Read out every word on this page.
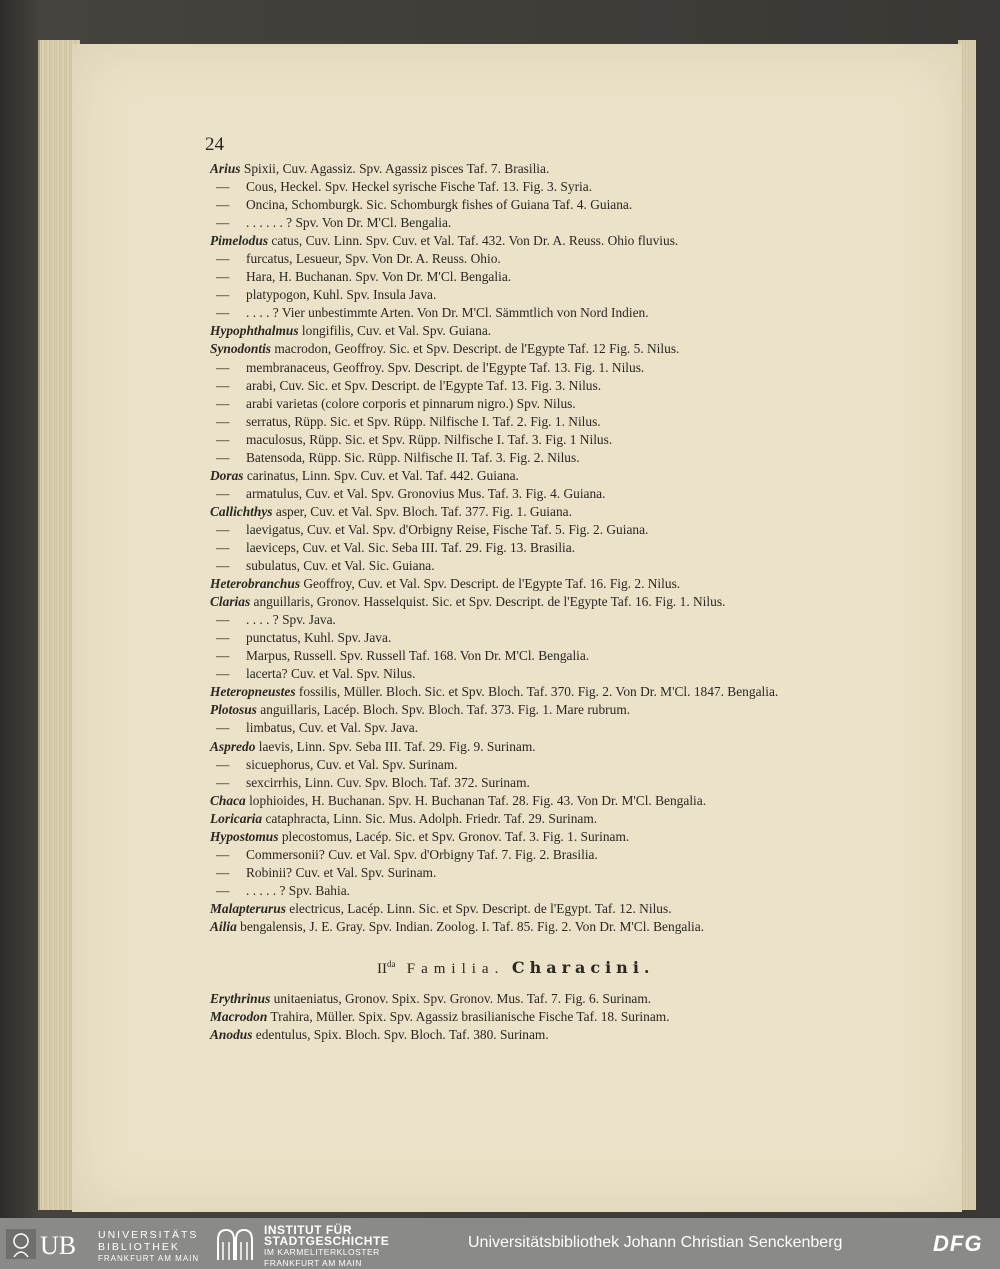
24
Arius Spixii, Cuv. Agassiz. Spv. Agassiz pisces Taf. 7. Brasilia.
— Cous, Heckel. Spv. Heckel syrische Fische Taf. 13. Fig. 3. Syria.
— Oncina, Schomburgk. Sic. Schomburgk fishes of Guiana Taf. 4. Guiana.
— . . . . . . ? Spv. Von Dr. M'Cl. Bengalia.
Pimelodus catus, Cuv. Linn. Spv. Cuv. et Val. Taf. 432. Von Dr. A. Reuss. Ohio fluvius.
— furcatus, Lesueur, Spv. Von Dr. A. Reuss. Ohio.
— Hara, H. Buchanan. Spv. Von Dr. M'Cl. Bengalia.
— platypogon, Kuhl. Spv. Insula Java.
— . . . . ? Vier unbestimmte Arten. Von Dr. M'Cl. Sämmtlich von Nord Indien.
Hypophthalmus longifilis, Cuv. et Val. Spv. Guiana.
Synodontis macrodon, Geoffroy. Sic. et Spv. Descript. de l'Egypte Taf. 12 Fig. 5. Nilus.
— membranaceus, Geoffroy. Spv. Descript. de l'Egypte Taf. 13. Fig. 1. Nilus.
— arabi, Cuv. Sic. et Spv. Descript. de l'Egypte Taf. 13. Fig. 3. Nilus.
— arabi varietas (colore corporis et pinnarum nigro.) Spv. Nilus.
— serratus, Rüpp. Sic. et Spv. Rüpp. Nilfische I. Taf. 2. Fig. 1. Nilus.
— maculosus, Rüpp. Sic. et Spv. Rüpp. Nilfische I. Taf. 3. Fig. 1 Nilus.
— Batensoda, Rüpp. Sic. Rüpp. Nilfische II. Taf. 3. Fig. 2. Nilus.
Doras carinatus, Linn. Spv. Cuv. et Val. Taf. 442. Guiana.
— armatulus, Cuv. et Val. Spv. Gronovius Mus. Taf. 3. Fig. 4. Guiana.
Callichthys asper, Cuv. et Val. Spv. Bloch. Taf. 377. Fig. 1. Guiana.
— laevigatus, Cuv. et Val. Spv. d'Orbigny Reise, Fische Taf. 5. Fig. 2. Guiana.
— laeviceps, Cuv. et Val. Sic. Seba III. Taf. 29. Fig. 13. Brasilia.
— subulatus, Cuv. et Val. Sic. Guiana.
Heterobranchus Geoffroy, Cuv. et Val. Spv. Descript. de l'Egypte Taf. 16. Fig. 2. Nilus.
Clarias anguillaris, Gronov. Hasselquist. Sic. et Spv. Descript. de l'Egypte Taf. 16. Fig. 1. Nilus.
— . . . . ? Spv. Java.
— punctatus, Kuhl. Spv. Java.
— Marpus, Russell. Spv. Russell Taf. 168. Von Dr. M'Cl. Bengalia.
— lacerta? Cuv. et Val. Spv. Nilus.
Heteropneustes fossilis, Müller. Bloch. Sic. et Spv. Bloch. Taf. 370. Fig. 2. Von Dr. M'Cl. 1847. Bengalia.
Plotosus anguillaris, Lacép. Bloch. Spv. Bloch. Taf. 373. Fig. 1. Mare rubrum.
— limbatus, Cuv. et Val. Spv. Java.
Aspredo laevis, Linn. Spv. Seba III. Taf. 29. Fig. 9. Surinam.
— sicuephorus, Cuv. et Val. Spv. Surinam.
— sexcirrhis, Linn. Cuv. Spv. Bloch. Taf. 372. Surinam.
Chaca lophioides, H. Buchanan. Spv. H. Buchanan Taf. 28. Fig. 43. Von Dr. M'Cl. Bengalia.
Loricaria cataphracta, Linn. Sic. Mus. Adolph. Friedr. Taf. 29. Surinam.
Hypostomus plecostomus, Lacép. Sic. et Spv. Gronov. Taf. 3. Fig. 1. Surinam.
— Commersonii? Cuv. et Val. Spv. d'Orbigny Taf. 7. Fig. 2. Brasilia.
— Robinii? Cuv. et Val. Spv. Surinam.
— . . . . . ? Spv. Bahia.
Malapterurus electricus, Lacép. Linn. Sic. et Spv. Descript. de l'Egypt. Taf. 12. Nilus.
Ailia bengalensis, J. E. Gray. Spv. Indian. Zoolog. I. Taf. 85. Fig. 2. Von Dr. M'Cl. Bengalia.
$II^{da}$ Familia. Characini.
Erythrinus unitaeniatus, Gronov. Spix. Spv. Gronov. Mus. Taf. 7. Fig. 6. Surinam.
Macrodon Trahira, Müller. Spix. Spv. Agassiz brasilianische Fische Taf. 18. Surinam.
Anodus edentulus, Spix. Bloch. Spv. Bloch. Taf. 380. Surinam.
UB UNIVERSITÄTS
BIBLIOTHEK
FRANKFURT AM MAIN
INSTITUT FÜR
STADTGESCHICHTE
IM KARMELITERKLOSTER
FRANKFURT AM MAIN
Universitätsbibliothek Johann Christian Senckenberg	DFG
